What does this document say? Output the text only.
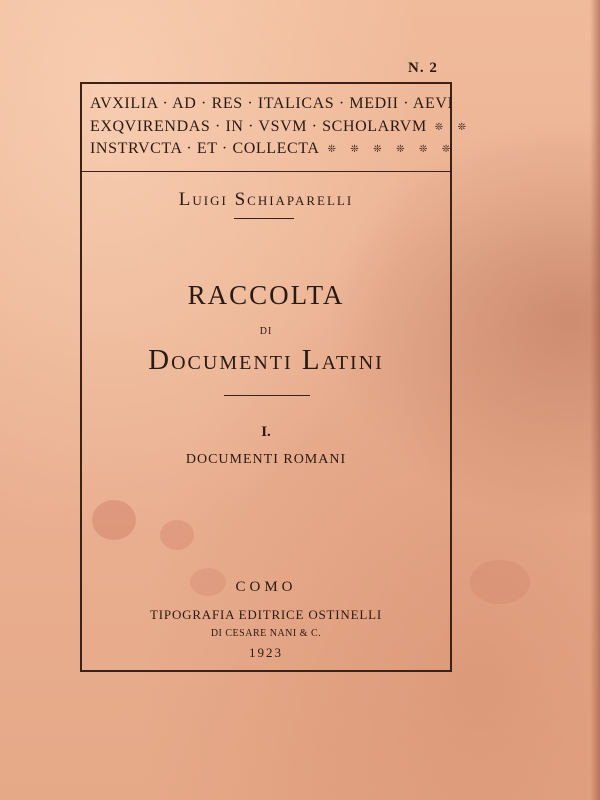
N. 2
AVXILIA · AD · RES · ITALICAS · MEDII · AEVI
EXQVIRENDAS · IN · VSVM · SCHOLARVM ❊ ❊
INSTRVCTA · ET · COLLECTA ❊ ❊ ❊ ❊ ❊ ❊
Luigi Schiaparelli
RACCOLTA
DI
Documenti Latini
I.
DOCUMENTI ROMANI
COMO
TIPOGRAFIA EDITRICE OSTINELLI
DI CESARE NANI & C.
1923
